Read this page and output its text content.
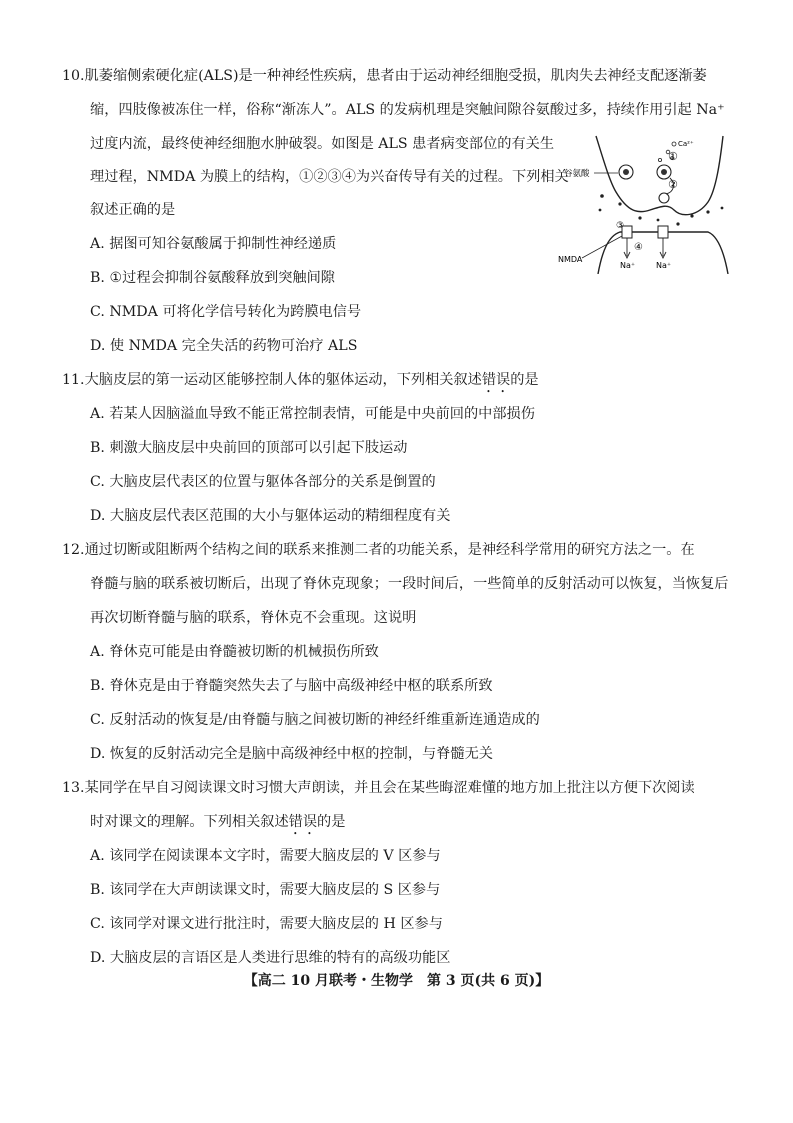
10.肌萎缩侧索硬化症(ALS)是一种神经性疾病，患者由于运动神经细胞受损，肌肉失去神经支配逐渐萎
缩，四肢像被冻住一样，俗称“渐冻人”。ALS 的发病机理是突触间隙谷氨酸过多，持续作用引起 Na⁺
过度内流，最终使神经细胞水肿破裂。如图是 ALS 患者病变部位的有关生
理过程，NMDA 为膜上的结构，①②③④为兴奋传导有关的过程。下列相关
叙述正确的是
A. 据图可知谷氨酸属于抑制性神经递质
B. ①过程会抑制谷氨酸释放到突触间隙
C. NMDA 可将化学信号转化为跨膜电信号
D. 使 NMDA 完全失活的药物可治疗 ALS
Ca²⁺
①
②
谷氨酸
③
④
Na⁺	Na⁺
NMDA
11.大脑皮层的第一运动区能够控制人体的躯体运动，下列相关叙述错误的是
A. 若某人因脑溢血导致不能正常控制表情，可能是中央前回的中部损伤
B. 刺激大脑皮层中央前回的顶部可以引起下肢运动
C. 大脑皮层代表区的位置与躯体各部分的关系是倒置的
D. 大脑皮层代表区范围的大小与躯体运动的精细程度有关
12.通过切断或阻断两个结构之间的联系来推测二者的功能关系，是神经科学常用的研究方法之一。在
脊髓与脑的联系被切断后，出现了脊休克现象；一段时间后，一些简单的反射活动可以恢复，当恢复后
再次切断脊髓与脑的联系，脊休克不会重现。这说明
A. 脊休克可能是由脊髓被切断的机械损伤所致
B. 脊休克是由于脊髓突然失去了与脑中高级神经中枢的联系所致
C. 反射活动的恢复是/由脊髓与脑之间被切断的神经纤维重新连通造成的
D. 恢复的反射活动完全是脑中高级神经中枢的控制，与脊髓无关
13.某同学在早自习阅读课文时习惯大声朗读，并且会在某些晦涩难懂的地方加上批注以方便下次阅读
时对课文的理解。下列相关叙述错误的是
A. 该同学在阅读课本文字时，需要大脑皮层的 V 区参与
B. 该同学在大声朗读课文时，需要大脑皮层的 S 区参与
C. 该同学对课文进行批注时，需要大脑皮层的 H 区参与
D. 大脑皮层的言语区是人类进行思维的特有的高级功能区
【高二 10 月联考・生物学　第 3 页(共 6 页)】
